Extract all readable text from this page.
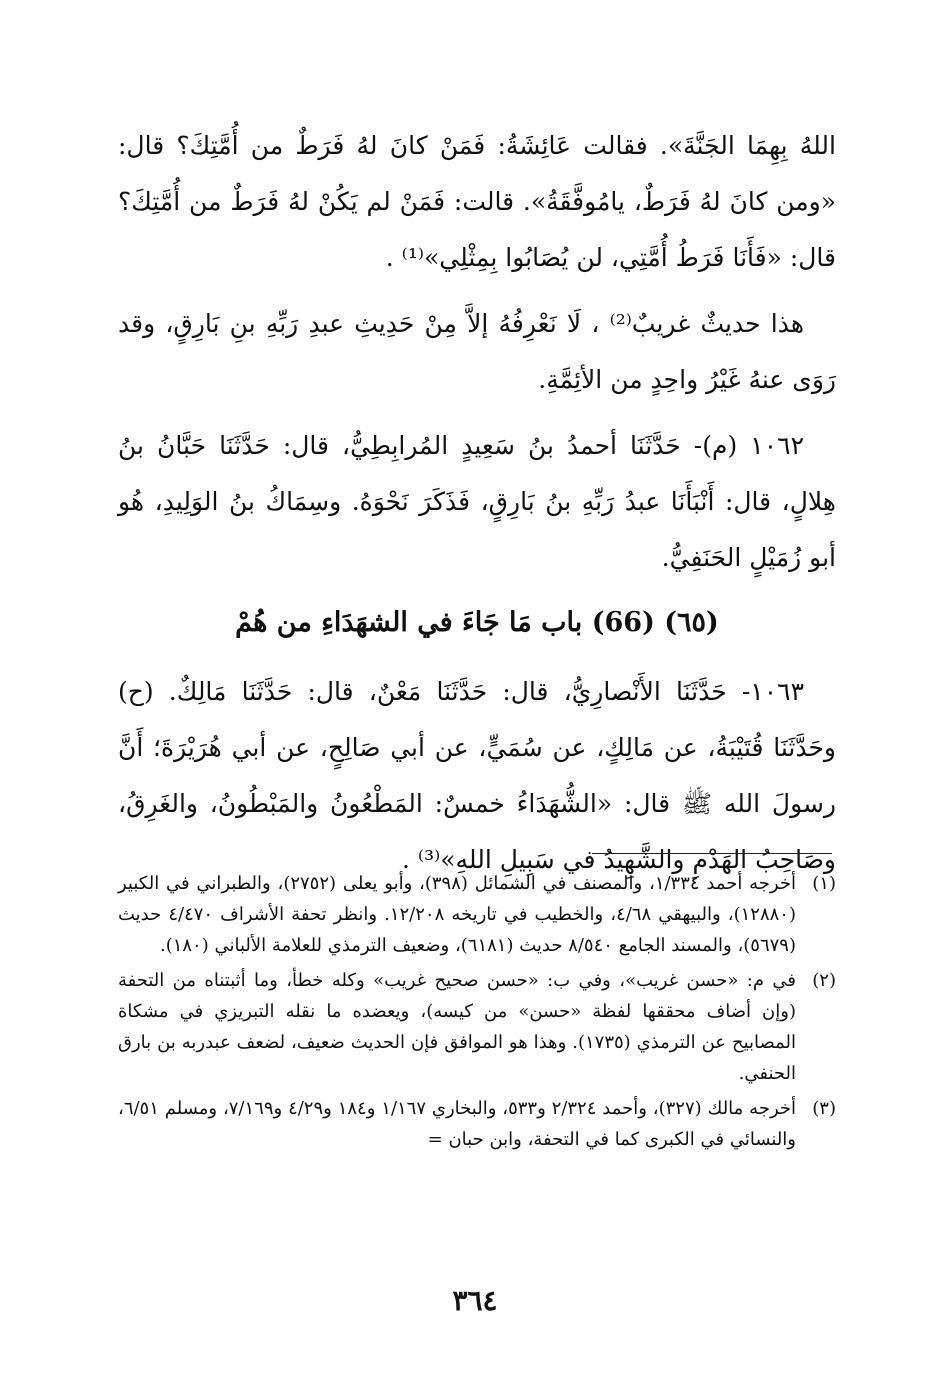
اللهُ بِهِمَا الجَنَّةَ». فقالت عَائِشَةُ: فَمَنْ كانَ لهُ فَرَطٌ من أُمَّتِكَ؟ قال: «ومن كانَ لهُ فَرَطٌ، يامُوفَّقَةُ». قالت: فَمَنْ لم يَكُنْ لهُ فَرَطٌ من أُمَّتِكَ؟قال: «فَأَنَا فَرَطُ أُمَّتِي، لن يُصَابُوا بِمِثْلِي»⁽¹⁾ .

هذا حديثٌ غريبٌ⁽²⁾ ، لَا نَعْرِفُهُ إلاَّ مِنْ حَدِيثِ عبدِ رَبِّهِ بنِ بَارِقٍ، وقد رَوَى عنهُ غَيْرُ واحِدٍ من الأئِمَّةِ.

١٠٦٢ (م)- حَدَّثَنَا أحمدُ بنُ سَعِيدٍ المُرابِطِيُّ، قال: حَدَّثَنَا حَبَّانُ بنُ هِلالٍ، قال: أَنْبَأَنَا عبدُ رَبِّهِ بنُ بَارِقٍ، فَذَكَرَ نَحْوَهُ. وسِمَاكُ بنُ الوَلِيدِ، هُو أبو زُمَيْلٍ الحَنَفِيُّ.

(٦٥) (66) باب مَا جَاءَ في الشهَدَاءِ من هُمْ

١٠٦٣- حَدَّثَنَا الأَنْصارِيُّ، قال: حَدَّثَنَا مَعْنٌ، قال: حَدَّثَنَا مَالِكٌ. (ح) وحَدَّثَنَا قُتَيْبَةُ، عن مَالِكٍ، عن سُمَيٍّ، عن أبي صَالِحٍ، عن أبي هُرَيْرَةَ؛ أَنَّ رسولَ الله ﷺ قال: «الشُّهَدَاءُ خمسٌ: المَطْعُونُ والمَبْطُونُ، والغَرِقُ، وصَاحِبُ الهَدْمِ والشَّهِيدُ في سَبِيلِ اللهِ»⁽³⁾ .

(١)
أخرجه أحمد ١/٣٣٤، والمصنف في الشمائل (٣٩٨)، وأبو يعلى (٢٧٥٢)، والطبراني في الكبير (١٢٨٨٠)، والبيهقي ٤/٦٨، والخطيب في تاريخه ١٢/٢٠٨. وانظر تحفة الأشراف ٤/٤٧٠ حديث (٥٦٧٩)، والمسند الجامع ٨/٥٤٠ حديث (٦١٨١)، وضعيف الترمذي للعلامة الألباني (١٨٠).
(٢)
في م: «حسن غريب»، وفي ب: «حسن صحيح غريب» وكله خطأ، وما أثبتناه من التحفة (وإن أضاف محققها لفظة «حسن» من كيسه)، ويعضده ما نقله التبريزي في مشكاة المصابيح عن الترمذي (١٧٣٥). وهذا هو الموافق فإن الحديث ضعيف، لضعف عبدربه بن بارق الحنفي.
(٣)
أخرجه مالك (٣٢٧)، وأحمد ٢/٣٢٤ و٥٣٣، والبخاري ١/١٦٧ و١٨٤ و٤/٢٩ و٧/١٦٩، ومسلم ٦/٥١، والنسائي في الكبرى كما في التحفة، وابن حبان =
٣٦٤
